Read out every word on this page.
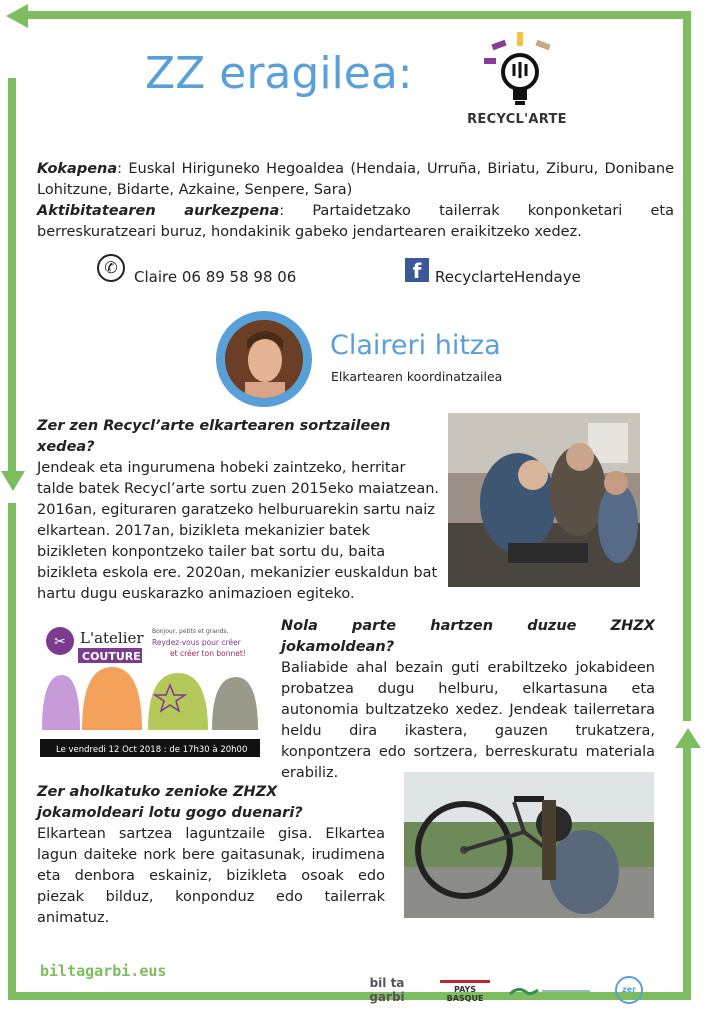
ZZ eragilea:
RECYCL'ARTE
Kokapena: Euskal Hiriguneko Hegoaldea (Hendaia, Urruña, Biriatu, Ziburu, Donibane Lohitzune, Bidarte, Azkaine, Senpere, Sara)
Aktibitatearen aurkezpena: Partaidetzako tailerrak konponketari eta berreskuratzeari buruz, hondakinik gabeko jendartearen eraikitzeko xedez.
✆	Claire 06 89 58 98 06	f RecyclarteHendaye
Claireri hitza
Elkartearen koordinatzailea
Zer zen Recycl’arte elkartearen sortzaileen xedea?
Jendeak eta ingurumena hobeki zaintzeko, herritar talde batek Recycl’arte sortu zuen 2015eko maiatzean. 2016an, egituraren garatzeko helburuarekin sartu naiz elkartean. 2017an, bizikleta mekanizier batek bizikleten konpontzeko tailer bat sortu du, baita bizikleta eskola ere. 2020an, mekanizier euskaldun bat hartu dugu euskarazko animazioen egiteko.
✂ L'atelier
COUTURE
Bonjour, petits et grands,
Reydez-vous pour créer
et créer ton bonnet!
Le vendredi 12 Oct 2018 : de 17h30 à 20h00
Nola parte hartzen duzue ZHZX jokamoldean?
Baliabide ahal bezain guti erabiltzeko jokabideen probatzea dugu helburu, elkartasuna eta autonomia bultzatzeko xedez. Jendeak tailerretara heldu dira ikastera, gauzen trukatzera, konpontzera edo sortzera, berreskuratu materiala erabiliz.
Zer aholkatuko zenioke ZHZX jokamoldeari lotu gogo duenari?
Elkartean sartzea laguntzaile gisa. Elkartea lagun daiteke nork bere gaitasunak, irudimena eta denbora eskainiz, bizikleta osoak edo piezak bilduz, konponduz edo tailerrak animatuz.
biltagarbi.eus
bil ta garbi
PAYS BASQUE
zer
